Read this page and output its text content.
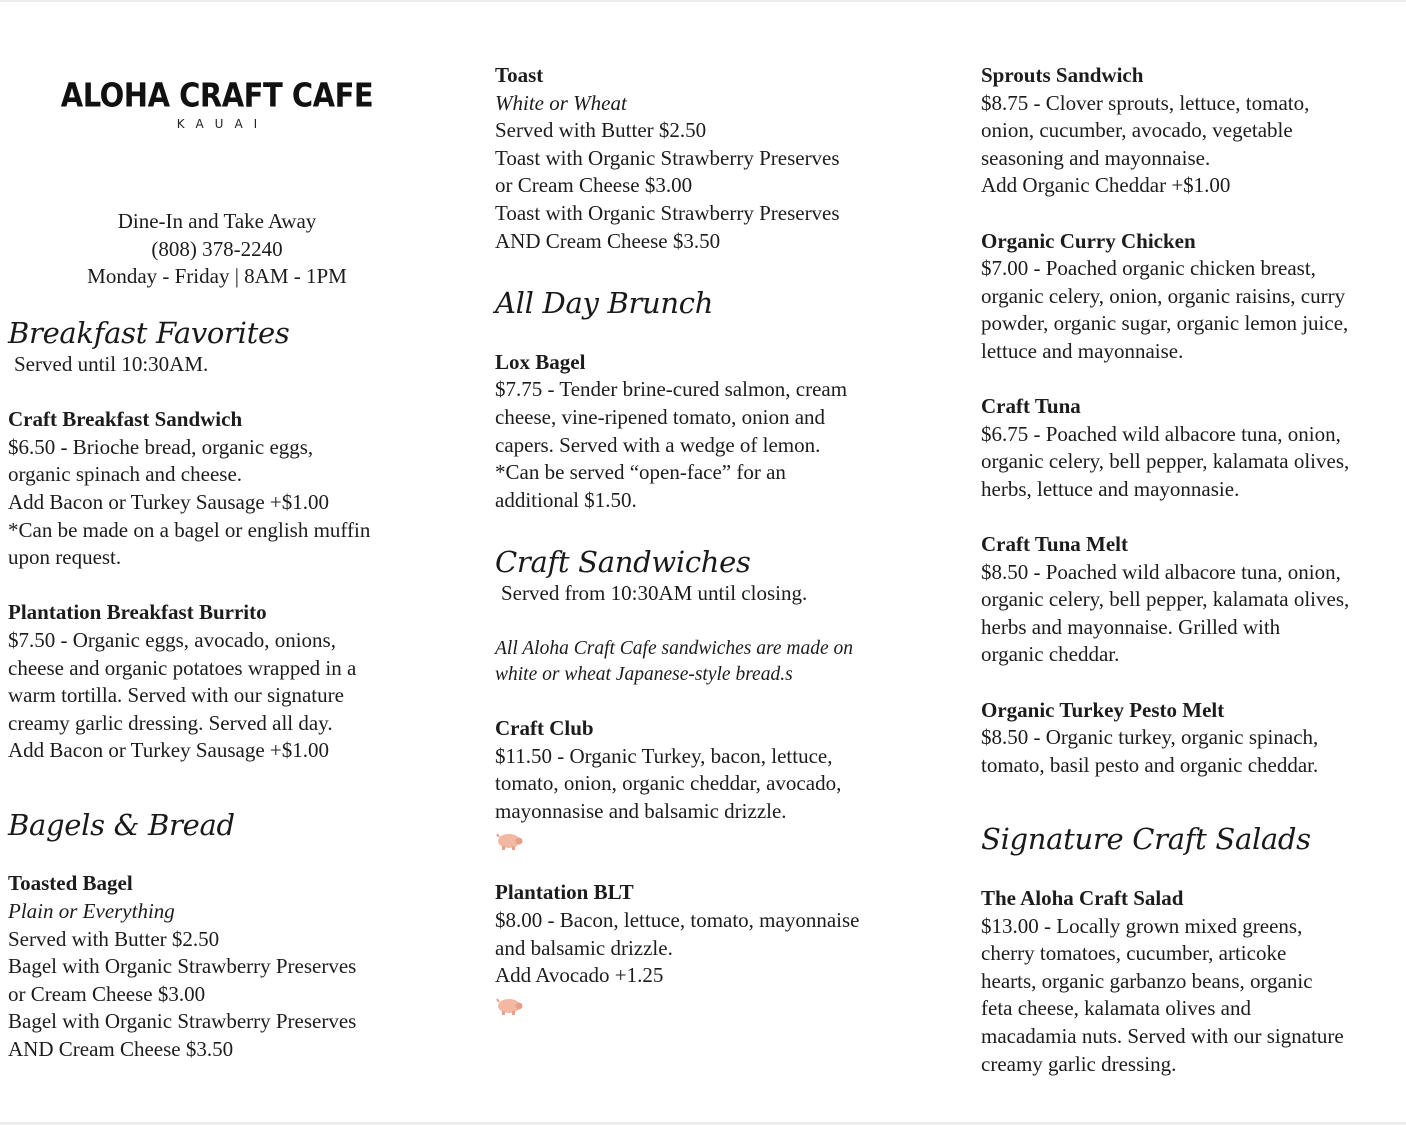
ALOHA CRAFT CAFE
KAUAI
Dine-In and Take Away
(808) 378-2240
Monday - Friday | 8AM - 1PM
Breakfast Favorites
Served until 10:30AM.
Craft Breakfast Sandwich
$6.50 - Brioche bread, organic eggs,
organic spinach and cheese.
Add Bacon or Turkey Sausage +$1.00
*Can be made on a bagel or english muffin
upon request.
Plantation Breakfast Burrito
$7.50 - Organic eggs, avocado, onions,
cheese and organic potatoes wrapped in a
warm tortilla. Served with our signature
creamy garlic dressing. Served all day.
Add Bacon or Turkey Sausage +$1.00
Bagels & Bread
Toasted Bagel
Plain or Everything
Served with Butter $2.50
Bagel with Organic Strawberry Preserves
or Cream Cheese $3.00
Bagel with Organic Strawberry Preserves
AND Cream Cheese $3.50
Toast
White or Wheat
Served with Butter $2.50
Toast with Organic Strawberry Preserves
or Cream Cheese $3.00
Toast with Organic Strawberry Preserves
AND Cream Cheese $3.50
All Day Brunch
Lox Bagel
$7.75 - Tender brine-cured salmon, cream
cheese, vine-ripened tomato, onion and
capers. Served with a wedge of lemon.
*Can be served “open-face” for an
additional $1.50.
Craft Sandwiches
Served from 10:30AM until closing.
All Aloha Craft Cafe sandwiches are made on
white or wheat Japanese-style bread.s
Craft Club
$11.50 - Organic Turkey, bacon, lettuce,
tomato, onion, organic cheddar, avocado,
mayonnasise and balsamic drizzle.
Plantation BLT
$8.00 - Bacon, lettuce, tomato, mayonnaise
and balsamic drizzle.
Add Avocado +1.25
Sprouts Sandwich
$8.75 - Clover sprouts, lettuce, tomato,
onion, cucumber, avocado, vegetable
seasoning and mayonnaise.
Add Organic Cheddar +$1.00
Organic Curry Chicken
$7.00 - Poached organic chicken breast,
organic celery, onion, organic raisins, curry
powder, organic sugar, organic lemon juice,
lettuce and mayonnaise.
Craft Tuna
$6.75 - Poached wild albacore tuna, onion,
organic celery, bell pepper, kalamata olives,
herbs, lettuce and mayonnasie.
Craft Tuna Melt
$8.50 - Poached wild albacore tuna, onion,
organic celery, bell pepper, kalamata olives,
herbs and mayonnaise. Grilled with
organic cheddar.
Organic Turkey Pesto Melt
$8.50 - Organic turkey, organic spinach,
tomato, basil pesto and organic cheddar.
Signature Craft Salads
The Aloha Craft Salad
$13.00 - Locally grown mixed greens,
cherry tomatoes, cucumber, articoke
hearts, organic garbanzo beans, organic
feta cheese, kalamata olives and
macadamia nuts. Served with our signature
creamy garlic dressing.
